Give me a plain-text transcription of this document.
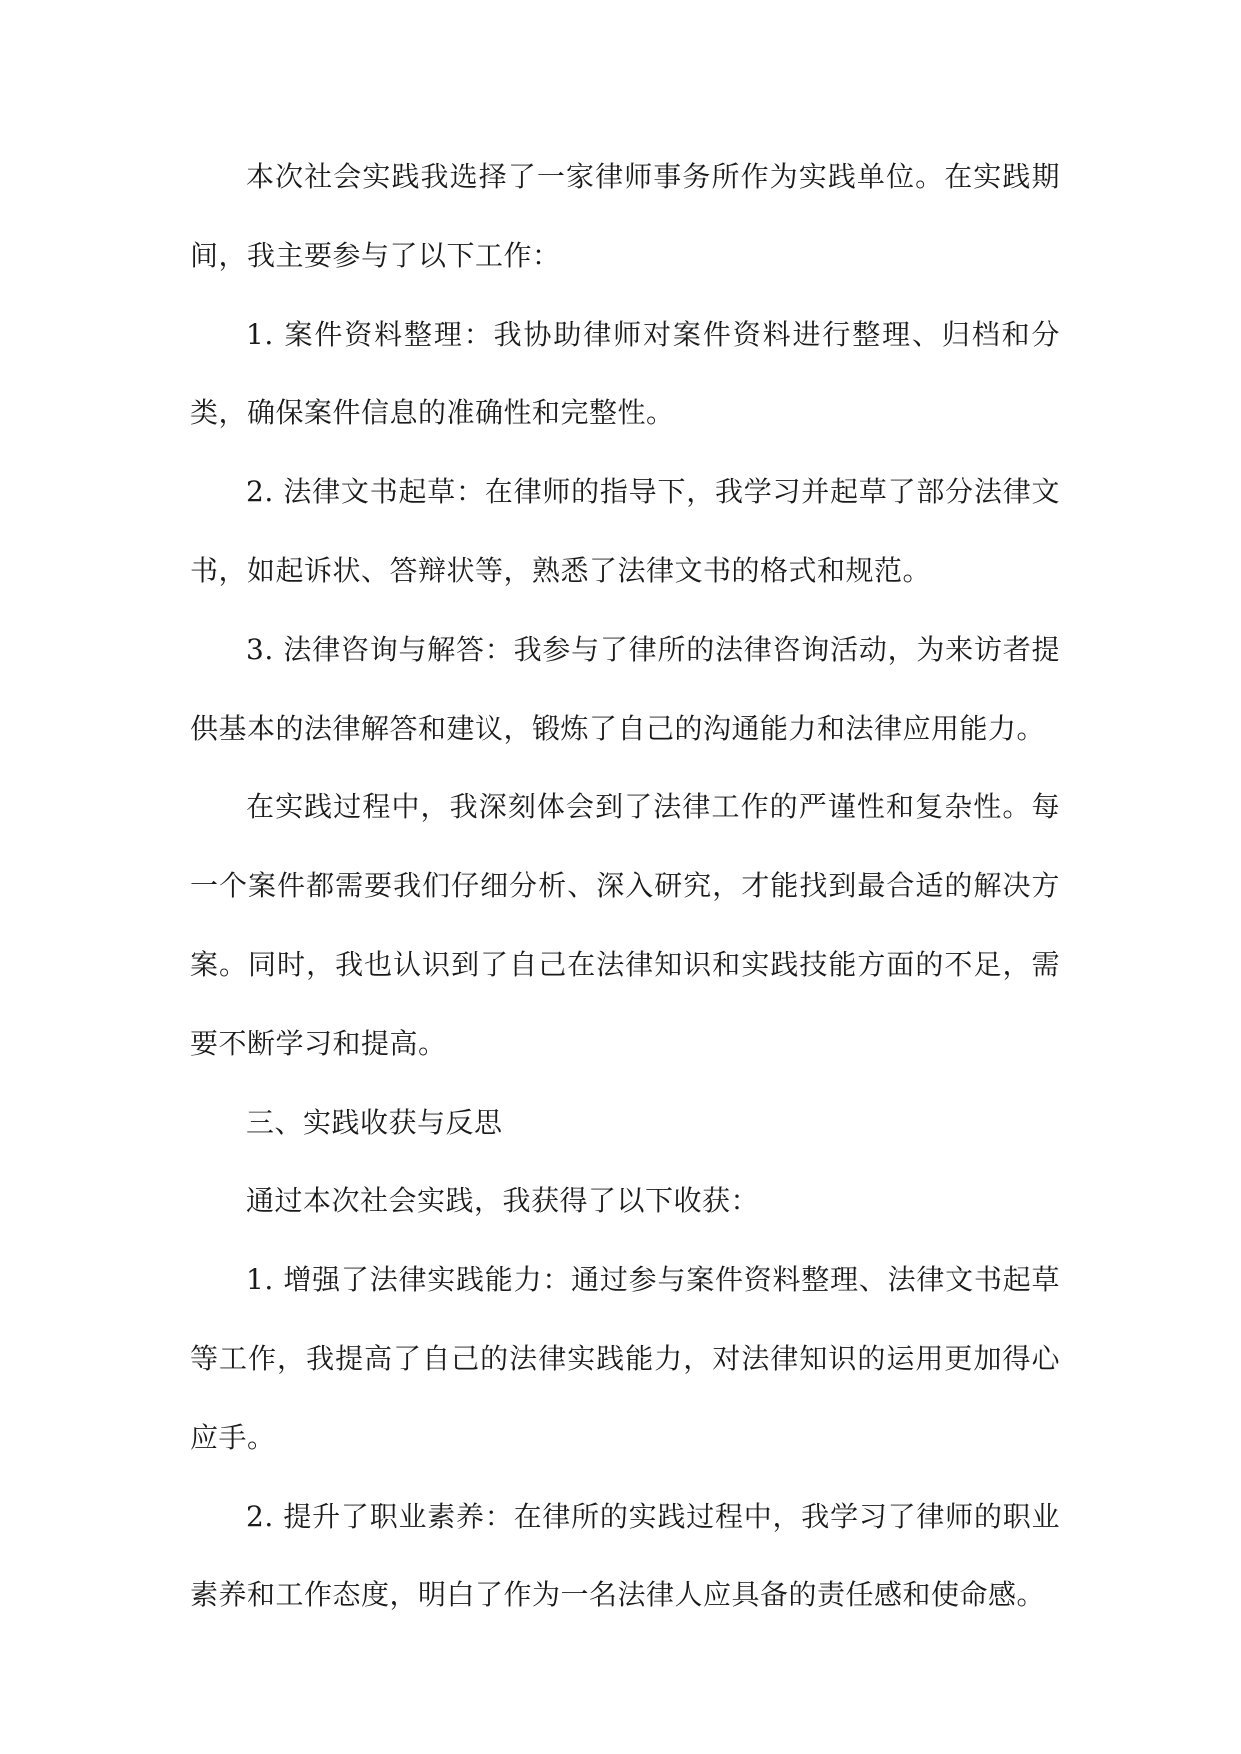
本次社会实践我选择了一家律师事务所作为实践单位。在实践期间，我主要参与了以下工作：

1. 案件资料整理：我协助律师对案件资料进行整理、归档和分类，确保案件信息的准确性和完整性。

2. 法律文书起草：在律师的指导下，我学习并起草了部分法律文书，如起诉状、答辩状等，熟悉了法律文书的格式和规范。

3. 法律咨询与解答：我参与了律所的法律咨询活动，为来访者提供基本的法律解答和建议，锻炼了自己的沟通能力和法律应用能力。

在实践过程中，我深刻体会到了法律工作的严谨性和复杂性。每一个案件都需要我们仔细分析、深入研究，才能找到最合适的解决方案。同时，我也认识到了自己在法律知识和实践技能方面的不足，需要不断学习和提高。

三、实践收获与反思

通过本次社会实践，我获得了以下收获：

1. 增强了法律实践能力：通过参与案件资料整理、法律文书起草等工作，我提高了自己的法律实践能力，对法律知识的运用更加得心应手。

2. 提升了职业素养：在律所的实践过程中，我学习了律师的职业素养和工作态度，明白了作为一名法律人应具备的责任感和使命感。
